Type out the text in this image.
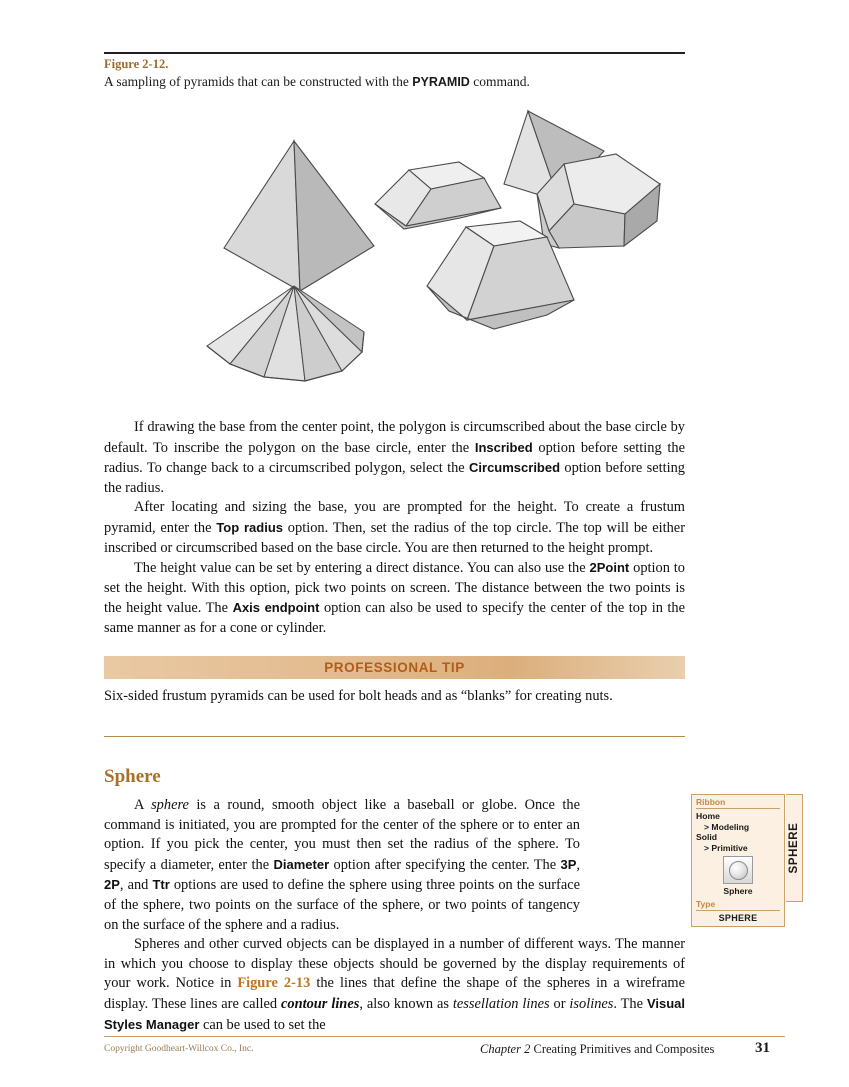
Figure 2-12.
A sampling of pyramids that can be constructed with the PYRAMID command.

If drawing the base from the center point, the polygon is circumscribed about the base circle by default. To inscribe the polygon on the base circle, enter the Inscribed option before setting the radius. To change back to a circumscribed polygon, select the Circumscribed option before setting the radius.

After locating and sizing the base, you are prompted for the height. To create a frustum pyramid, enter the Top radius option. Then, set the radius of the top circle. The top will be either inscribed or circumscribed based on the base circle. You are then returned to the height prompt.

The height value can be set by entering a direct distance. You can also use the 2Point option to set the height. With this option, pick two points on screen. The distance between the two points is the height value. The Axis endpoint option can also be used to specify the center of the top in the same manner as for a cone or cylinder.

PROFESSIONAL TIP
Six-sided frustum pyramids can be used for bolt heads and as “blanks” for creating nuts.
Sphere

A sphere is a round, smooth object like a baseball or globe. Once the command is initiated, you are prompted for the center of the sphere or to enter an option. If you pick the center, you must then set the radius of the sphere. To specify a diameter, enter the Diameter option after specifying the center. The 3P, 2P, and Ttr options are used to define the sphere using three points on the surface of the sphere, two points on the surface of the sphere, or two points of tangency on the surface of the sphere and a radius.

Spheres and other curved objects can be displayed in a number of different ways. The manner in which you choose to display these objects should be governed by the display requirements of your work. Notice in Figure 2-13 the lines that define the shape of the spheres in a wireframe display. These lines are called contour lines, also known as tessellation lines or isolines. The Visual Styles Manager can be used to set the

Ribbon
Home
> Modeling
Solid
> Primitive
Sphere
Type
SPHERE
SPHERE
Copyright Goodheart-Willcox Co., Inc.	Chapter 2 Creating Primitives and Composites	31
